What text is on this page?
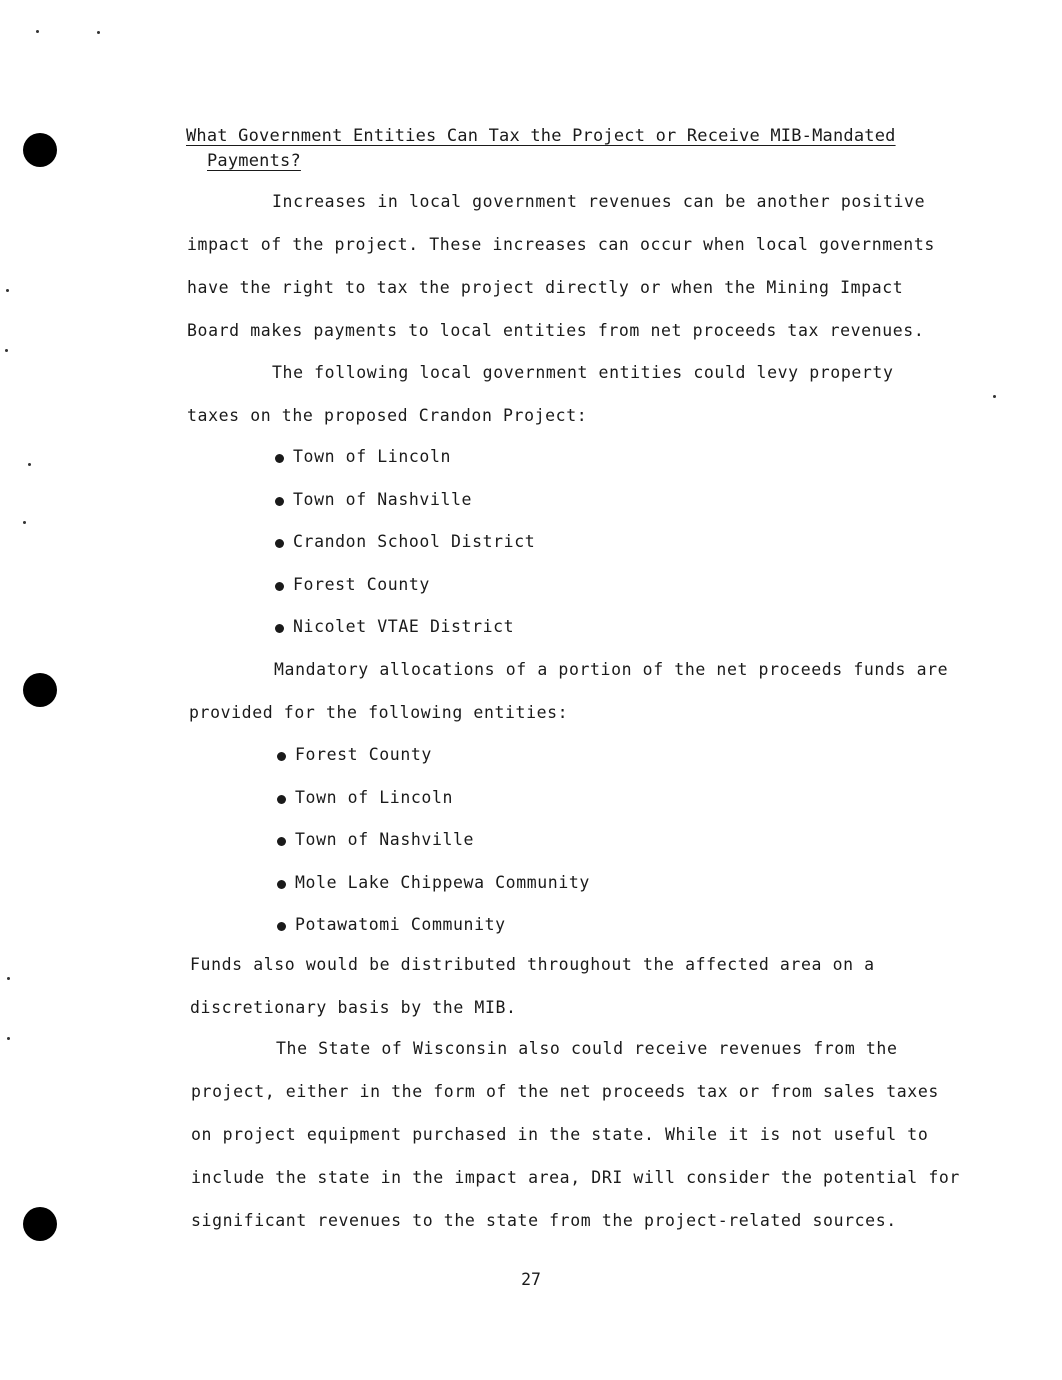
What Government Entities Can Tax the Project or Receive MIB-Mandated
Payments?
Increases in local government revenues can be another positive
impact of the project. These increases can occur when local governments
have the right to tax the project directly or when the Mining Impact
Board makes payments to local entities from net proceeds tax revenues.
The following local government entities could levy property
taxes on the proposed Crandon Project:
Town of Lincoln
Town of Nashville
Crandon School District
Forest County
Nicolet VTAE District
Mandatory allocations of a portion of the net proceeds funds are
provided for the following entities:
Forest County
Town of Lincoln
Town of Nashville
Mole Lake Chippewa Community
Potawatomi Community
Funds also would be distributed throughout the affected area on a
discretionary basis by the MIB.
The State of Wisconsin also could receive revenues from the
project, either in the form of the net proceeds tax or from sales taxes
on project equipment purchased in the state. While it is not useful to
include the state in the impact area, DRI will consider the potential for
significant revenues to the state from the project-related sources.
27
